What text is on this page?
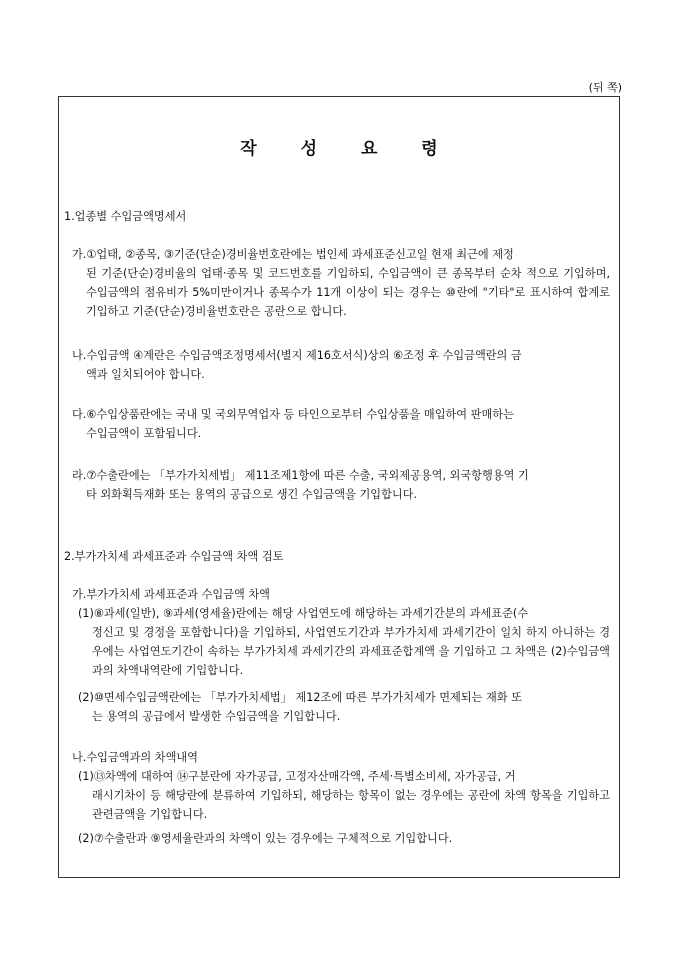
(뒤 쪽)
작 성 요 령
1.업종별 수입금액명세서

가.①업태, ②종목, ③기준(단순)경비율번호란에는 법인세 과세표준신고일 현재 최근에 제정

된 기준(단순)경비율의 업태·종목 및 코드번호를 기입하되, 수입금액이 큰 종목부터 순차 적으로 기입하며, 수입금액의 점유비가 5%미만이거나 종목수가 11개 이상이 되는 경우는 ⑩란에 "기타"로 표시하여 합계로 기입하고 기준(단순)경비율번호란은 공란으로 합니다.

나.수입금액 ④계란은 수입금액조정명세서(별지 제16호서식)상의 ⑥조정 후 수입금액란의 금

액과 일치되어야 합니다.

다.⑥수입상품란에는 국내 및 국외무역업자 등 타인으로부터 수입상품을 매입하여 판매하는

수입금액이 포함됩니다.

라.⑦수출란에는 「부가가치세법」 제11조제1항에 따른 수출, 국외제공용역, 외국항행용역 기

타 외화획득재화 또는 용역의 공급으로 생긴 수입금액을 기입합니다.

2.부가가치세 과세표준과 수입금액 차액 검토
가.부가가치세 과세표준과 수입금액 차액

(1)⑧과세(일반), ⑨과세(영세율)란에는 해당 사업연도에 해당하는 과세기간분의 과세표준(수

정신고 및 경정을 포함합니다)을 기입하되, 사업연도기간과 부가가치세 과세기간이 일치 하지 아니하는 경우에는 사업연도기간이 속하는 부가가치세 과세기간의 과세표준합계액 을 기입하고 그 차액은 (2)수입금액과의 차액내역란에 기입합니다.

(2)⑩면세수입금액란에는 「부가가치세법」 제12조에 따른 부가가치세가 면제되는 재화 또

는 용역의 공급에서 발생한 수입금액을 기입합니다.

나.수입금액과의 차액내역

(1)⑬차액에 대하여 ⑭구분란에 자가공급, 고정자산매각액, 주세·특별소비세, 자가공급, 거

래시기차이 등 해당란에 분류하여 기입하되, 해당하는 항목이 없는 경우에는 공란에 차액 항목을 기입하고 관련금액을 기입합니다.

(2)⑦수출란과 ⑨영세율란과의 차액이 있는 경우에는 구체적으로 기입합니다.
